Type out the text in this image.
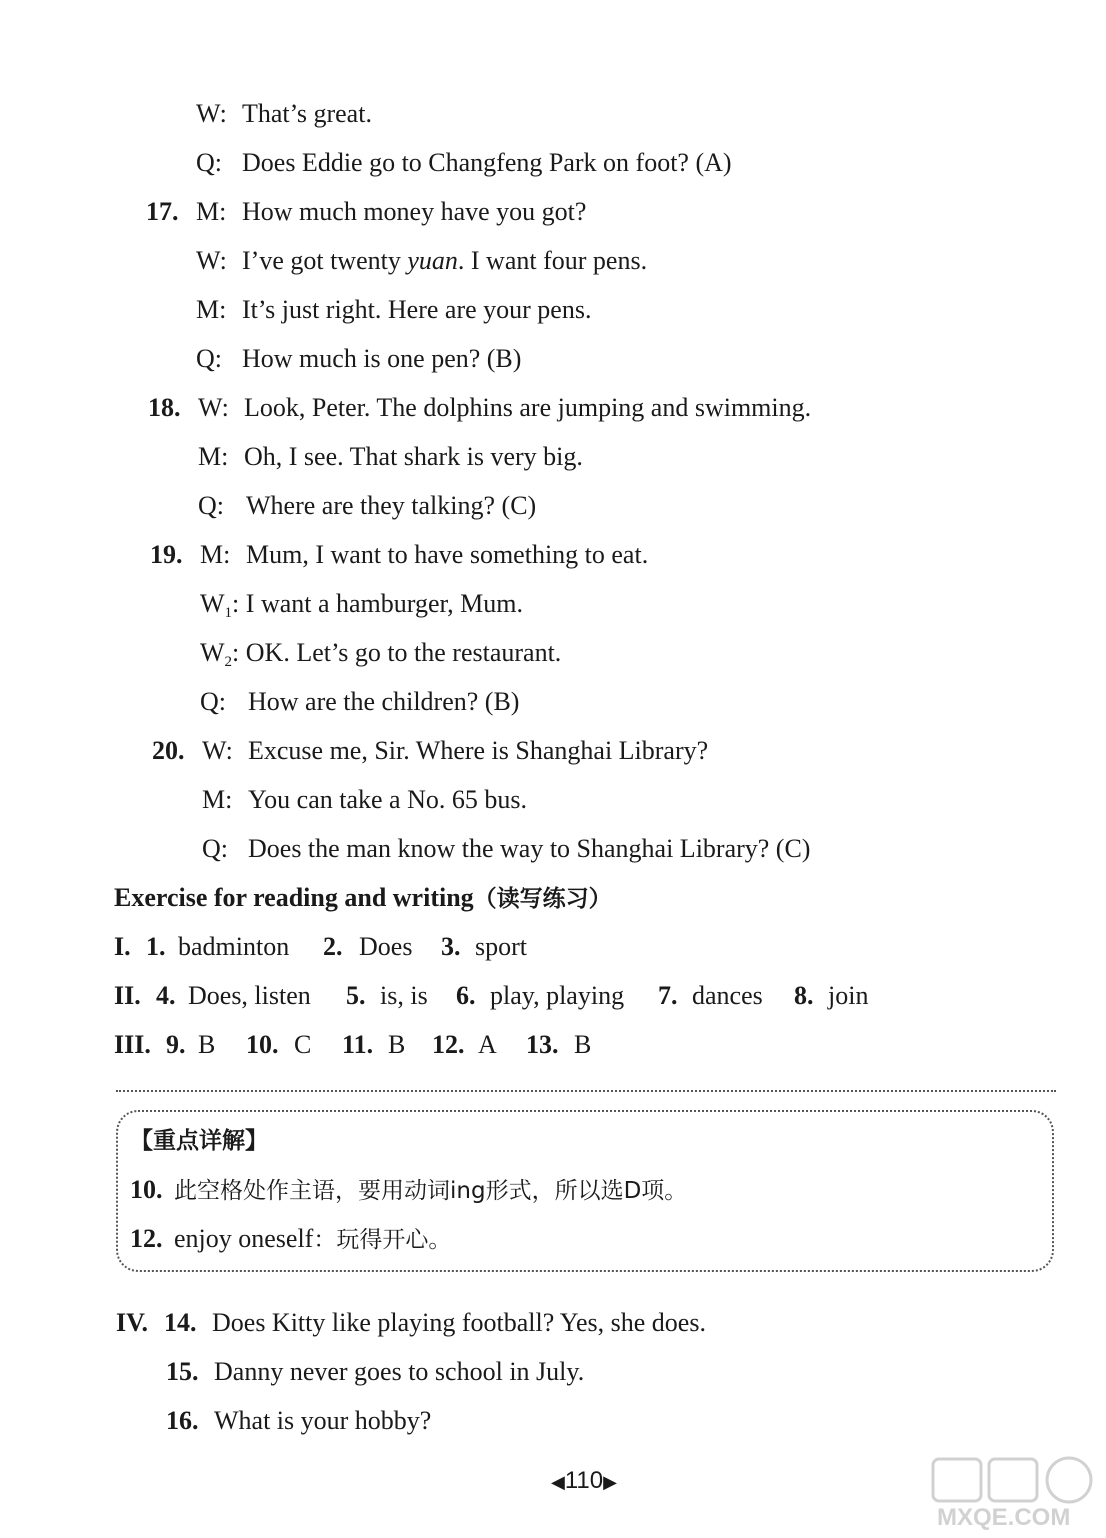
W: That’s great.
Q: Does Eddie go to Changfeng Park on foot? (A)
17. M: How much money have you got?
W: I’ve got twenty yuan. I want four pens.
M: It’s just right. Here are your pens.
Q: How much is one pen? (B)
18. W: Look, Peter. The dolphins are jumping and swimming.
M: Oh, I see. That shark is very big.
Q: Where are they talking? (C)
19. M: Mum, I want to have something to eat.
$W_1$: I want a hamburger, Mum.
$W_2$: OK. Let’s go to the restaurant.
Q: How are the children? (B)
20. W: Excuse me, Sir. Where is Shanghai Library?
M: You can take a No. 65 bus.
Q: Does the man know the way to Shanghai Library? (C)
Exercise for reading and writing（读写练习）
I. 1. badminton 2. Does 3. sport
II. 4. Does, listen 5. is, is 6. play, playing 7. dances 8. join
III. 9. B 10. C 11. B 12. A 13. B
【重点详解】
10. 此空格处作主语，要用动词ing形式，所以选D项。
12. enjoy oneself：玩得开心。
IV. 14. Does Kitty like playing football? Yes, she does.
15. Danny never goes to school in July.
16. What is your hobby?
◀110▶
MXQE.COM
